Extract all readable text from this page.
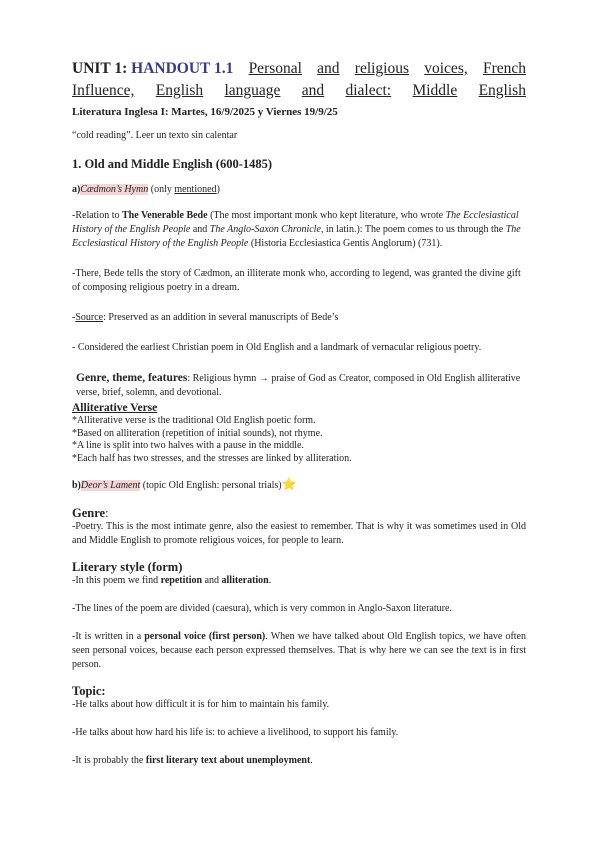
UNIT 1: HANDOUT 1.1 Personal and religious voices, French
Influence, English language and dialect: Middle English
Literatura Inglesa I: Martes, 16/9/2025 y Viernes 19/9/25
“cold reading”. Leer un texto sin calentar
1. Old and Middle English (600-1485)
a)Cædmon’s Hymn (only mentioned)

-Relation to The Venerable Bede (The most important monk who kept literature, who wrote The Ecclesiastical History of the English People and The Anglo-Saxon Chronicle, in latin.): The poem comes to us through the The Ecclesiastical History of the English People (Historia Ecclesiastica Gentis Anglorum) (731).

-There, Bede tells the story of Cædmon, an illiterate monk who, according to legend, was granted the divine gift of composing religious poetry in a dream.

-Source: Preserved as an addition in several manuscripts of Bede’s

- Considered the earliest Christian poem in Old English and a landmark of vernacular religious poetry.

Genre, theme, features: Religious hymn → praise of God as Creator, composed in Old English alliterative verse, brief, solemn, and devotional.

Alliterative Verse
*Alliterative verse is the traditional Old English poetic form.
*Based on alliteration (repetition of initial sounds), not rhyme.
*A line is split into two halves with a pause in the middle.
*Each half has two stresses, and the stresses are linked by alliteration.
b)Deor’s Lament (topic Old English: personal trials)⭐
Genre:

-Poetry. This is the most intimate genre, also the easiest to remember. That is why it was sometimes used in Old and Middle English to promote religious voices, for people to learn.

Literary style (form)

-In this poem we find repetition and alliteration.

-The lines of the poem are divided (caesura), which is very common in Anglo-Saxon literature.

-It is written in a personal voice (first person). When we have talked about Old English topics, we have often seen personal voices, because each person expressed themselves. That is why here we can see the text is in first person.

Topic:

-He talks about how difficult it is for him to maintain his family.

-He talks about how hard his life is: to achieve a livelihood, to support his family.

-It is probably the first literary text about unemployment.
